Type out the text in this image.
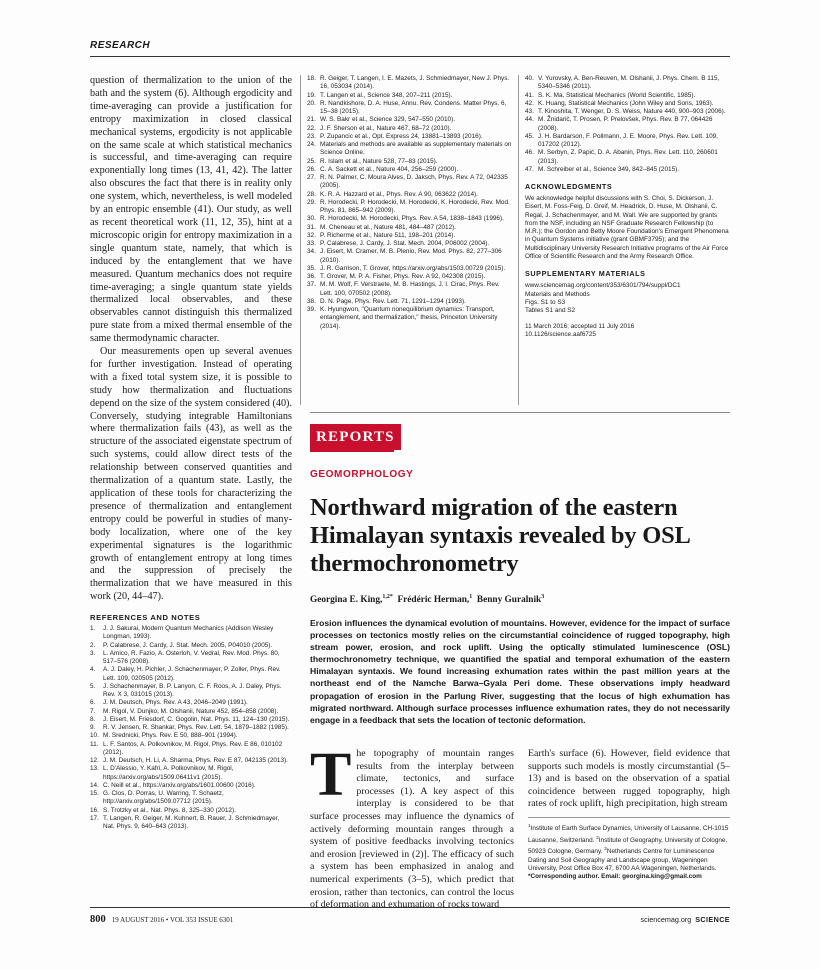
RESEARCH

question of thermalization to the union of the bath and the system (6). Although ergodicity and time-averaging can provide a justification for entropy maximization in closed classical mechanical systems, ergodicity is not applicable on the same scale at which statistical mechanics is successful, and time-averaging can require exponentially long times (13, 41, 42). The latter also obscures the fact that there is in reality only one system, which, nevertheless, is well modeled by an entropic ensemble (41). Our study, as well as recent theoretical work (11, 12, 35), hint at a microscopic origin for entropy maximization in a single quantum state, namely, that which is induced by the entanglement that we have measured. Quantum mechanics does not require time-averaging; a single quantum state yields thermalized local observables, and these observables cannot distinguish this thermalized pure state from a mixed thermal ensemble of the same thermodynamic character.

Our measurements open up several avenues for further investigation. Instead of operating with a fixed total system size, it is possible to study how thermalization and fluctuations depend on the size of the system considered (40). Conversely, studying integrable Hamiltonians where thermalization fails (43), as well as the structure of the associated eigenstate spectrum of such systems, could allow direct tests of the relationship between conserved quantities and thermalization of a quantum state. Lastly, the application of these tools for characterizing the presence of thermalization and entanglement entropy could be powerful in studies of many-body localization, where one of the key experimental signatures is the logarithmic growth of entanglement entropy at long times and the suppression of precisely the thermalization that we have measured in this work (20, 44–47).

REFERENCES AND NOTES
1. J. J. Sakurai, Modern Quantum Mechanics (Addison Wesley Longman, 1993).
2. P. Calabrese, J. Cardy, J. Stat. Mech. 2005, P04010 (2005).
3. L. Amico, R. Fazio, A. Osterloh, V. Vedral, Rev. Mod. Phys. 80, 517–576 (2008).
4. A. J. Daley, H. Pichler, J. Schachenmayer, P. Zoller, Phys. Rev. Lett. 109, 020505 (2012).
5. J. Schachenmayer, B. P. Lanyon, C. F. Roos, A. J. Daley, Phys. Rev. X 3, 031015 (2013).
6. J. M. Deutsch, Phys. Rev. A 43, 2046–2049 (1991).
7. M. Rigol, V. Dunjko, M. Olshanii, Nature 452, 854–858 (2008).
8. J. Eisert, M. Friesdorf, C. Gogolin, Nat. Phys. 11, 124–130 (2015).
9. R. V. Jensen, R. Shankar, Phys. Rev. Lett. 54, 1879–1882 (1985).
10. M. Srednicki, Phys. Rev. E 50, 888–901 (1994).
11. L. F. Santos, A. Polkovnikov, M. Rigol, Phys. Rev. E 86, 010102 (2012).
12. J. M. Deutsch, H. Li, A. Sharma, Phys. Rev. E 87, 042135 (2013).
13. L. D'Alessio, Y. Kafri, A. Polkovnikov, M. Rigol, https://arxiv.org/abs/1509.06411v1 (2015).
14. C. Neill et al., https://arxiv.org/abs/1601.00600 (2016).
15. G. Clos, D. Porras, U. Warring, T. Schaetz, http://arxiv.org/abs/1509.07712 (2015).
16. S. Trotzky et al., Nat. Phys. 8, 325–330 (2012).
17. T. Langen, R. Geiger, M. Kuhnert, B. Rauer, J. Schmiedmayer, Nat. Phys. 9, 640–643 (2013).
18. R. Geiger, T. Langen, I. E. Mazets, J. Schmiedmayer, New J. Phys. 16, 053034 (2014).
19. T. Langen et al., Science 348, 207–211 (2015).
20. R. Nandkishore, D. A. Huse, Annu. Rev. Condens. Matter Phys. 6, 15–38 (2015).
21. W. S. Bakr et al., Science 329, 547–550 (2010).
22. J. F. Sherson et al., Nature 467, 68–72 (2010).
23. P. Zupancic et al., Opt. Express 24, 13881–13893 (2016).
24. Materials and methods are available as supplementary materials on Science Online.
25. R. Islam et al., Nature 528, 77–83 (2015).
26. C. A. Sackett et al., Nature 404, 256–259 (2000).
27. R. N. Palmer, C. Moura Alves, D. Jaksch, Phys. Rev. A 72, 042335 (2005).
28. K. R. A. Hazzard et al., Phys. Rev. A 90, 063622 (2014).
29. R. Horodecki, P. Horodecki, M. Horodecki, K. Horodecki, Rev. Mod. Phys. 81, 865–942 (2009).
30. R. Horodecki, M. Horodecki, Phys. Rev. A 54, 1838–1843 (1996).
31. M. Cheneau et al., Nature 481, 484–487 (2012).
32. P. Richerme et al., Nature 511, 198–201 (2014).
33. P. Calabrese, J. Cardy, J. Stat. Mech. 2004, P06002 (2004).
34. J. Eisert, M. Cramer, M. B. Plenio, Rev. Mod. Phys. 82, 277–306 (2010).
35. J. R. Garrison, T. Grover, https://arxiv.org/abs/1503.00729 (2015).
36. T. Grover, M. P. A. Fisher, Phys. Rev. A 92, 042308 (2015).
37. M. M. Wolf, F. Verstraete, M. B. Hastings, J. I. Cirac, Phys. Rev. Lett. 100, 070502 (2008).
38. D. N. Page, Phys. Rev. Lett. 71, 1291–1294 (1993).
39. K. Hyungwon, "Quantum nonequilibrium dynamics: Transport, entanglement, and thermalization," thesis, Princeton University (2014).
40. V. Yurovsky, A. Ben-Reuven, M. Olshanii, J. Phys. Chem. B 115, 5340–5346 (2011).
41. S. K. Ma, Statistical Mechanics (World Scientific, 1985).
42. K. Huang, Statistical Mechanics (John Wiley and Sons, 1963).
43. T. Kinoshita, T. Wenger, D. S. Weiss, Nature 440, 900–903 (2006).
44. M. Žnidarič, T. Prosen, P. Prelovšek, Phys. Rev. B 77, 064426 (2008).
45. J. H. Bardarson, F. Pollmann, J. E. Moore, Phys. Rev. Lett. 109, 017202 (2012).
46. M. Serbyn, Z. Papić, D. A. Abanin, Phys. Rev. Lett. 110, 260601 (2013).
47. M. Schreiber et al., Science 349, 842–845 (2015).
ACKNOWLEDGMENTS

We acknowledge helpful discussions with S. Choi, S. Dickerson, J. Eisert, M. Foss-Feig, D. Greif, M. Headrick, D. Huse, M. Olshanii, C. Regal, J. Schachenmayer, and M. Wall. We are supported by grants from the NSF, including an NSF Graduate Research Fellowship (to M.R.); the Gordon and Betty Moore Foundation's Emergent Phenomena in Quantum Systems initiative (grant GBMF3795); and the Multidisciplinary University Research Initiative programs of the Air Force Office of Scientific Research and the Army Research Office.

SUPPLEMENTARY MATERIALS

www.sciencemag.org/content/353/6301/794/suppl/DC1

Materials and Methods

Figs. S1 to S3

Tables S1 and S2

11 March 2016; accepted 11 July 2016

10.1126/science.aaf6725

REPORTS
GEOMORPHOLOGY
Northward migration of the eastern Himalayan syntaxis revealed by OSL thermochronometry
Georgina E. King,$^{1,2*}$ Frédéric Herman,$^1$ Benny Guralnik$^3$

Erosion influences the dynamical evolution of mountains. However, evidence for the impact of surface processes on tectonics mostly relies on the circumstantial coincidence of rugged topography, high stream power, erosion, and rock uplift. Using the optically stimulated luminescence (OSL) thermochronometry technique, we quantified the spatial and temporal exhumation of the eastern Himalayan syntaxis. We found increasing exhumation rates within the past million years at the northeast end of the Namche Barwa–Gyala Peri dome. These observations imply headward propagation of erosion in the Parlung River, suggesting that the locus of high exhumation has migrated northward. Although surface processes influence exhumation rates, they do not necessarily engage in a feedback that sets the location of tectonic deformation.

The topography of mountain ranges results from the interplay between climate, tectonics, and surface processes (1). A key aspect of this interplay is considered to be that surface processes may influence the dynamics of actively deforming mountain ranges through a system of positive feedbacks involving tectonics and erosion [reviewed in (2)]. The efficacy of such a system has been emphasized in analog and numerical experiments (3–5), which predict that erosion, rather than tectonics, can control the locus of deformation and exhumation of rocks toward

Earth's surface (6). However, field evidence that supports such models is mostly circumstantial (5–13) and is based on the observation of a spatial coincidence between rugged topography, high rates of rock uplift, high precipitation, high stream

$^1$Institute of Earth Surface Dynamics, University of Lausanne, CH-1015 Lausanne, Switzerland. $^2$Institute of Geography, University of Cologne, 50923 Cologne, Germany. $^3$Netherlands Centre for Luminescence Dating and Soil Geography and Landscape group, Wageningen University, Post Office Box 47, 6700 AA Wageningen, Netherlands.
*Corresponding author. Email: georgina.king@gmail.com
800 19 AUGUST 2016 • VOL 353 ISSUE 6301	sciencemag.org SCIENCE
